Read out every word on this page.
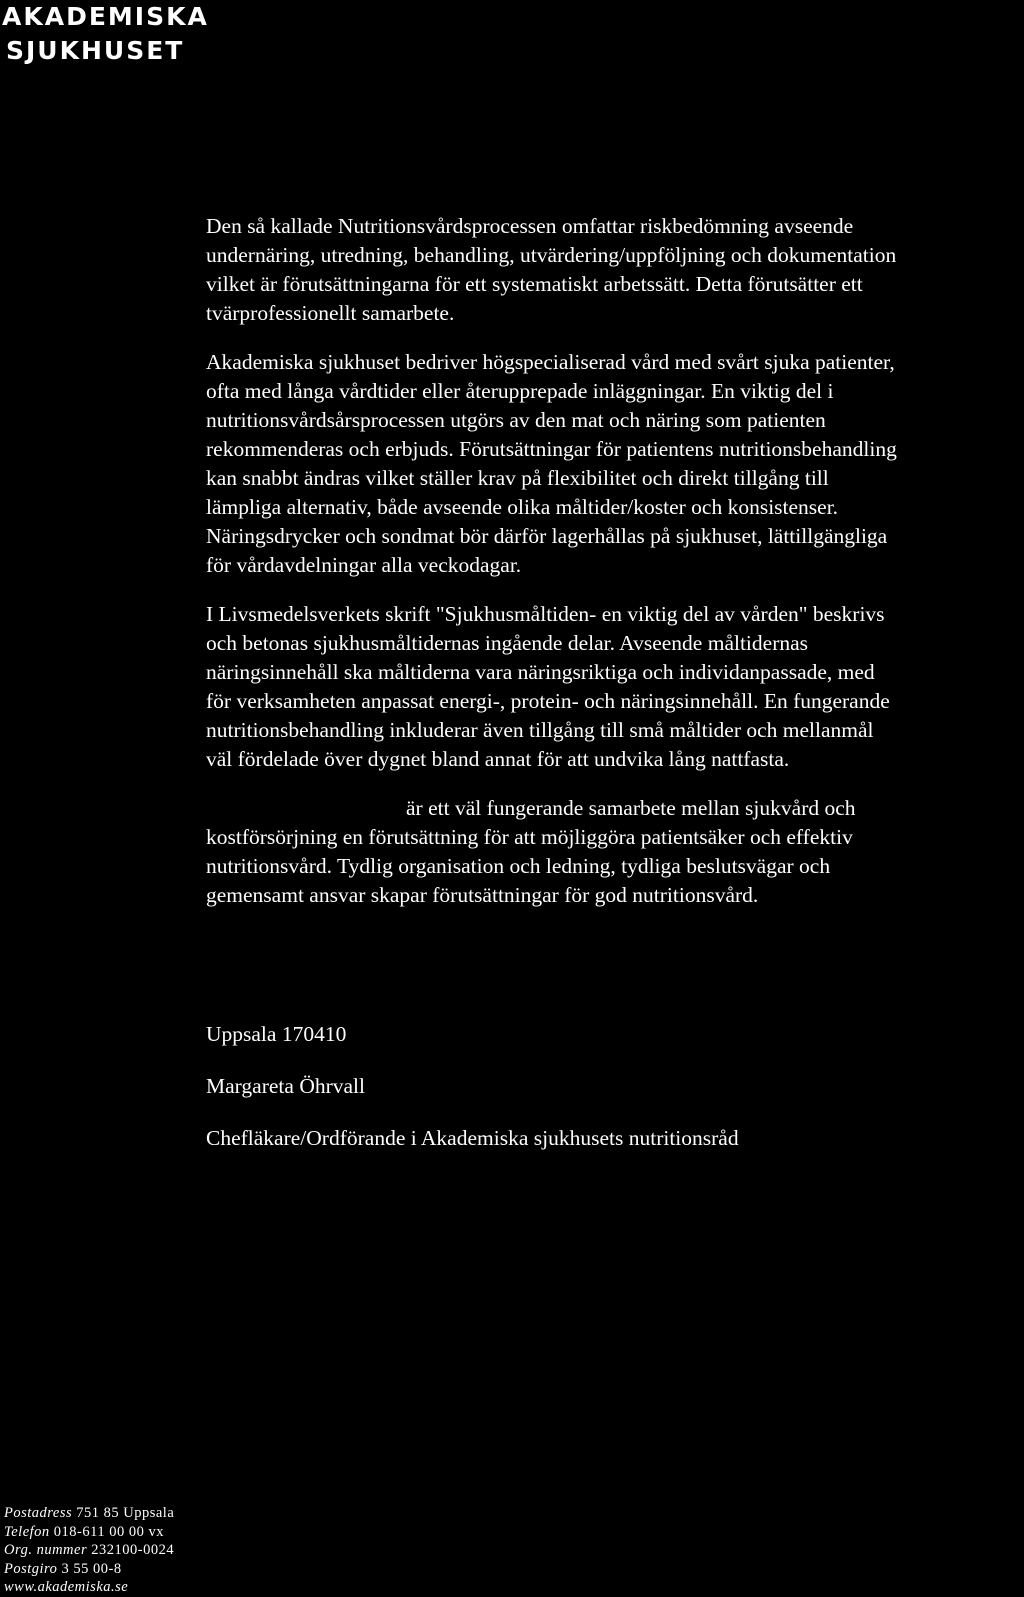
AKADEMISKA
SJUKHUSET

Den så kallade Nutritionsvårdsprocessen omfattar riskbedömning avseende
undernäring, utredning, behandling, utvärdering/uppföljning och dokumentation
vilket är förutsättningarna för ett systematiskt arbetssätt. Detta förutsätter ett
tvärprofessionellt samarbete.

Akademiska sjukhuset bedriver högspecialiserad vård med svårt sjuka patienter,
ofta med långa vårdtider eller återupprepade inläggningar. En viktig del i
nutritionsvårdsårsprocessen utgörs av den mat och näring som patienten
rekommenderas och erbjuds. Förutsättningar för patientens nutritionsbehandling
kan snabbt ändras vilket ställer krav på flexibilitet och direkt tillgång till
lämpliga alternativ, både avseende olika måltider/koster och konsistenser.
Näringsdrycker och sondmat bör därför lagerhållas på sjukhuset, lättillgängliga
för vårdavdelningar alla veckodagar.

I Livsmedelsverkets skrift "Sjukhusmåltiden- en viktig del av vården" beskrivs
och betonas sjukhusmåltidernas ingående delar. Avseende måltidernas
näringsinnehåll ska måltiderna vara näringsriktiga och individanpassade, med
för verksamheten anpassat energi-, protein- och näringsinnehåll. En fungerande
nutritionsbehandling inkluderar även tillgång till små måltider och mellanmål
väl fördelade över dygnet bland annat för att undvika lång nattfasta.

är ett väl fungerande samarbete mellan sjukvård och
kostförsörjning en förutsättning för att möjliggöra patientsäker och effektiv
nutritionsvård. Tydlig organisation och ledning, tydliga beslutsvägar och
gemensamt ansvar skapar förutsättningar för god nutritionsvård.

Uppsala 170410
Margareta Öhrvall
Chefläkare/Ordförande i Akademiska sjukhusets nutritionsråd
Postadress 751 85 Uppsala
Telefon 018-611 00 00 vx
Org. nummer 232100-0024
Postgiro 3 55 00-8
www.akademiska.se
